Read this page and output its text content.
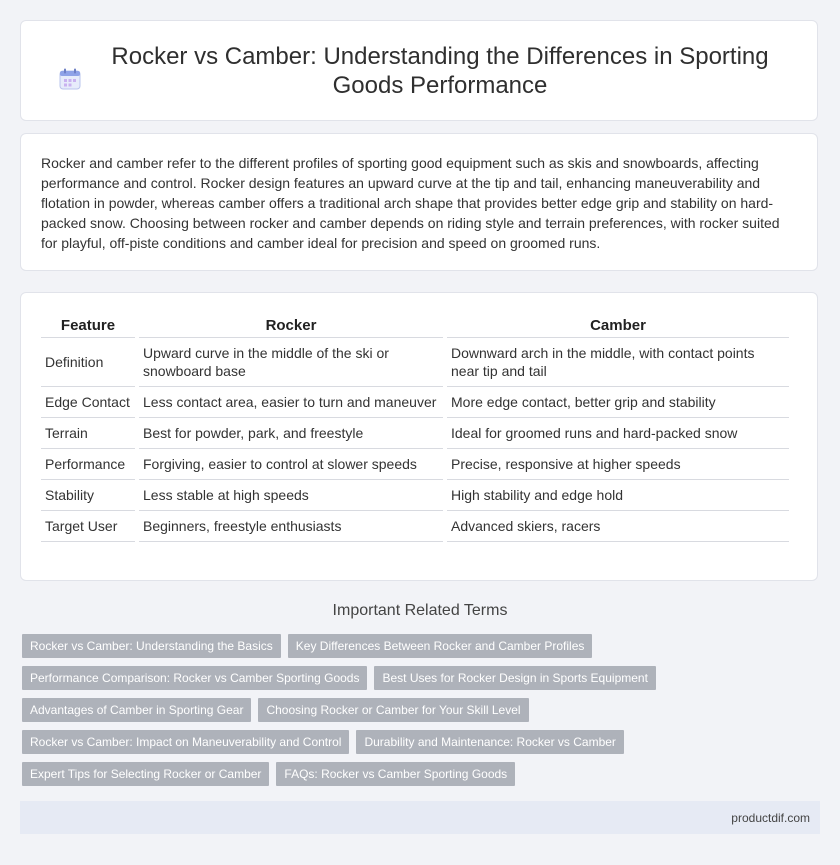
Rocker vs Camber: Understanding the Differences in Sporting Goods Performance

Rocker and camber refer to the different profiles of sporting good equipment such as skis and snowboards, affecting performance and control. Rocker design features an upward curve at the tip and tail, enhancing maneuverability and flotation in powder, whereas camber offers a traditional arch shape that provides better edge grip and stability on hard-packed snow. Choosing between rocker and camber depends on riding style and terrain preferences, with rocker suited for playful, off-piste conditions and camber ideal for precision and speed on groomed runs.

Feature	Rocker	Camber
Definition	Upward curve in the middle of the ski or snowboard base	Downward arch in the middle, with contact points near tip and tail
Edge Contact	Less contact area, easier to turn and maneuver	More edge contact, better grip and stability
Terrain	Best for powder, park, and freestyle	Ideal for groomed runs and hard-packed snow
Performance	Forgiving, easier to control at slower speeds	Precise, responsive at higher speeds
Stability	Less stable at high speeds	High stability and edge hold
Target User	Beginners, freestyle enthusiasts	Advanced skiers, racers
Important Related Terms
Rocker vs Camber: Understanding the Basics	Key Differences Between Rocker and Camber Profiles
Performance Comparison: Rocker vs Camber Sporting Goods	Best Uses for Rocker Design in Sports Equipment
Advantages of Camber in Sporting Gear	Choosing Rocker or Camber for Your Skill Level
Rocker vs Camber: Impact on Maneuverability and Control	Durability and Maintenance: Rocker vs Camber
Expert Tips for Selecting Rocker or Camber	FAQs: Rocker vs Camber Sporting Goods
productdif.com
